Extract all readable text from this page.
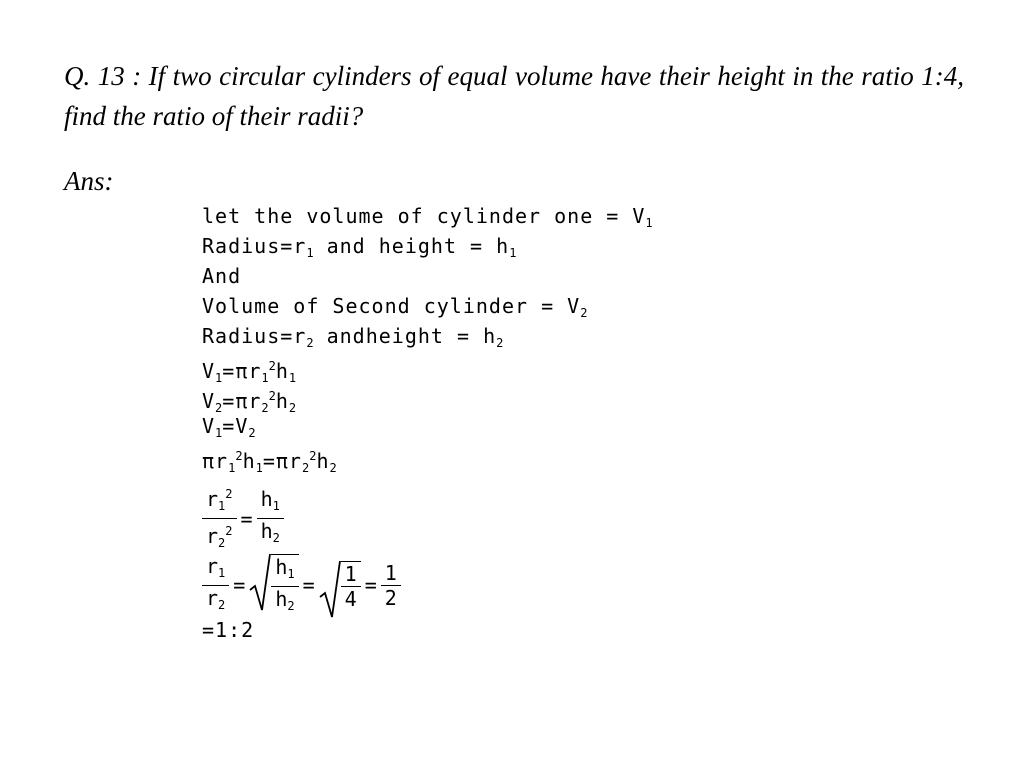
Q. 13 : If two circular cylinders of equal volume have their height in the ratio 1:4, find the ratio of their radii?
Ans:
let the volume of cylinder one = $V_1$
$Radius=r_1$ and height = $h_1$
And
Volume of Second cylinder = $V_2$
$Radius=r_2$ andheight = $h_2$
$V_1=\pi r_1^2h_1$
$V_2=\pi r_2^2h_2$
$V_1=V_2$
$\pi r_1^2h_1=\pi r_2^2h_2$
$\frac{r_1^2}{r_2^2} = \frac{h_1}{h_2}$
$\frac{r_1}{r_2} = \frac{h_1}{h_2} = \frac{1}{4} = \frac{1}{2}$
=1:2
